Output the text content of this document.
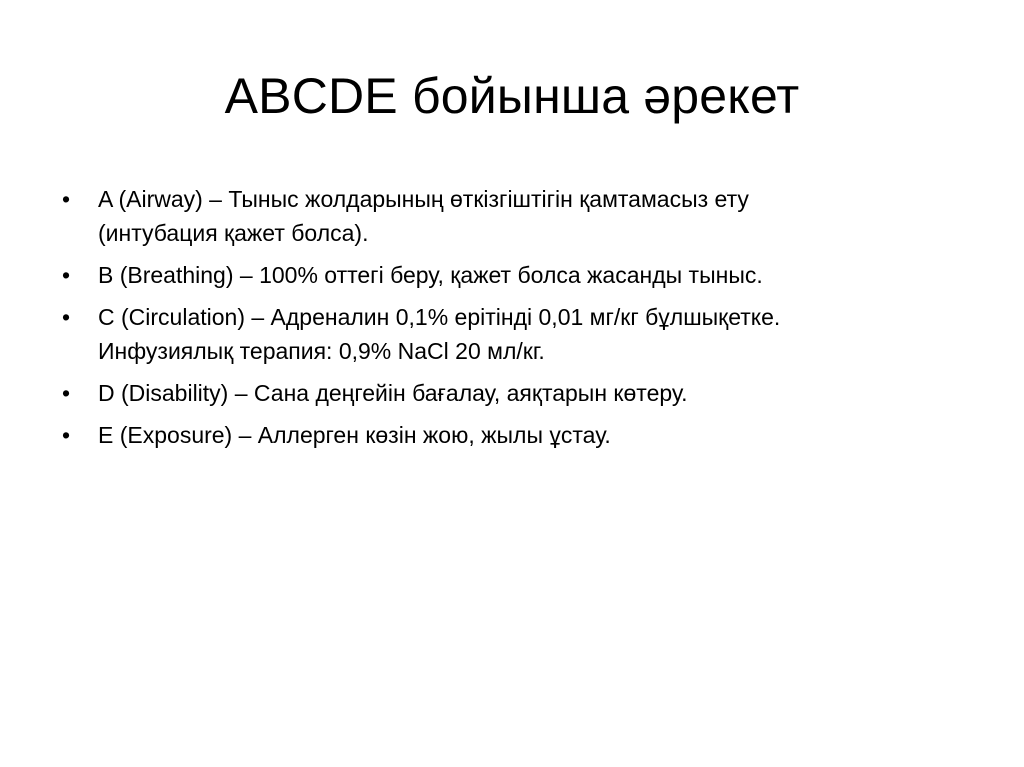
ABCDE бойынша әрекет
•	A (Airway) – Тыныс жолдарының өткізгіштігін қамтамасыз ету
(интубация қажет болса).
•	B (Breathing) – 100% оттегі беру, қажет болса жасанды тыныс.
•	C (Circulation) – Адреналин 0,1% ерітінді 0,01 мг/кг бұлшықетке.
Инфузиялық терапия: 0,9% NaCl 20 мл/кг.
•	D (Disability) – Сана деңгейін бағалау, аяқтарын көтеру.
•	E (Exposure) – Аллерген көзін жою, жылы ұстау.
